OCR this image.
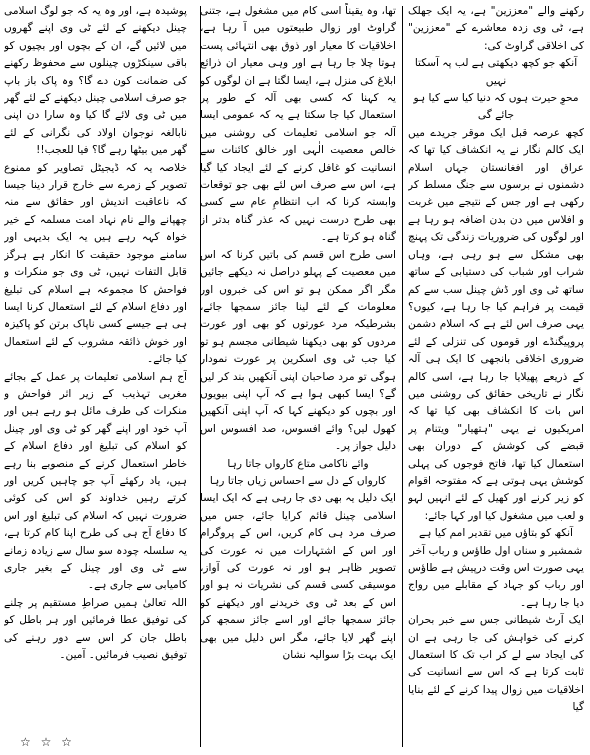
رکھنے والے "معززین" ہے، یہ ایک جھلک ہے، ٹی وی زدہ معاشرے کے "معززین" کی اخلاقی گراوٹ کی:

آنکھ جو کچھ دیکھتی ہے لب پہ آسکتا نہیں

محوِ حیرت ہوں کہ دنیا کیا سے کیا ہو جائے گی

کچھ عرصہ قبل ایک موقر جریدے میں ایک کالم نگار نے یہ انکشاف کیا تھا کہ عراق اور افغانستان جہاں اسلام دشمنوں نے برسوں سے جنگ مسلط کر رکھی ہے اور جس کے نتیجے میں غربت و افلاس میں دن بدن اضافہ ہو رہا ہے اور لوگوں کی ضروریات زندگی تک پہنچ بھی مشکل سے ہو رہی ہے، وہاں شراب اور شباب کی دستیابی کے ساتھ ساتھ ٹی وی اور ڈش چینل سب سے کم قیمت پر فراہم کیا جا رہا ہے، کیوں؟ یہی صرف اس لئے ہے کہ اسلام دشمن پروپیگنڈے اور قوموں کی تنزلی کے لئے ضروری اخلاقی بانجھی کا ایک ہی آلہ کے ذریعے پھیلایا جا رہا ہے، اسی کالم نگار نے تاریخی حقائق کی روشنی میں اس بات کا انکشاف بھی کیا تھا کہ امریکیوں نے یہی "ہتھیار" ویتنام پر قبضے کی کوشش کے دوران بھی استعمال کیا تھا، فاتح فوجوں کی پہلی کوشش یہی ہوتی ہے کہ مفتوحہ اقوام کو زیر کرنے اور کھیل کے لئے انہیں لہو و لعب میں مشغول کیا اور کہا جائے:

آنکھ کو بتاؤں میں تقدیر امم کیا ہے

شمشیر و سناں اول طاؤس و رباب آخر

یہی صورت اس وقت درپیش ہے طاؤس اور رباب کو جہاد کے مقابلے میں رواج دیا جا رہا ہے۔

ایک آرٹ شیطانی جس سے خبر بحران کرنے کی خواہش کی جا رہی ہے ان کی ایجاد سے لے کر اب تک کا استعمال ثابت کرتا ہے کہ اس سے انسانیت کی اخلاقیات میں زوال پیدا کرنے کے لئے بنایا گیا

تھا، وہ یقیناً اسی کام میں مشغول ہے، جتنی گراوٹ اور زوال طبیعتوں میں آ رہا ہے، اخلاقیات کا معیار اور ذوق بھی انتہائی پست ہوتا چلا جا رہا ہے اور وہی معیار ان ذرائع ابلاغ کی منزل ہے، ایسا لگتا ہے ان لوگوں کو یہ کہنا کہ کسی بھی آلہ کے طور پر استعمال کیا جا سکتا ہے یہ کہ عمومی ایسا آلہ جو اسلامی تعلیمات کی روشنی میں خالص معصیت الٰہی اور خالق کائنات سے انسانیت کو غافل کرنے کے لئے ایجاد کیا گیا ہے، اس سے صرف اس لئے بھی جو توقعات وابستہ کرنا کہ اب انتظامِ عام سے کسی بھی طرح درست نہیں کہ عذر گناہ بدتر از گناہ ہو کرتا ہے۔

اسی طرح اس قسم کی باتیں کرنا کہ اس میں معصیت کے پہلو دراصل نہ دیکھے جائیں مگر اگر ممکن ہو تو اس کی خبروں اور معلومات کے لئے لینا جائز سمجھا جائے، بشرطیکہ مرد عورتوں کو بھی اور عورت مردوں کو بھی دیکھنا شیطانی مجسم ہو تو کیا جب ٹی وی اسکرین پر عورت نمودار ہوگی تو مرد صاحبان اپنی آنکھیں بند کر لیں گے؟ ایسا کبھی ہوا ہے کہ آپ اپنی بیویوں اور بچوں کو دیکھنے کہا کہ آپ اپنی آنکھیں کھول لیں؟ وائے افسوس، صد افسوس اس دلیل جواز پر۔

وائے ناکامی متاع کارواں جاتا رہا

کارواں کے دل سے احساس زیاں جاتا رہا

ایک دلیل یہ بھی دی جا رہی ہے کہ ایک ایسا اسلامی چینل قائم کرایا جائے، جس میں صرف مرد ہی کام کریں، اس کے پروگرام اور اس کے اشتہارات میں نہ عورت کی تصویر ظاہر ہو اور نہ عورت کی آواز، موسیقی کسی قسم کی نشریات نہ ہو اور اس کے بعد ٹی وی خریدنے اور دیکھنے کو جائز سمجھا جائے اور اسے جائز سمجھ کر اپنے گھر لایا جائے، مگر اس دلیل میں بھی ایک بہت بڑا سوالیہ نشان

پوشیدہ ہے، اور وہ یہ کہ جو لوگ اسلامی چینل دیکھنے کے لئے ٹی وی اپنے گھروں میں لائیں گے، ان کے بچوں اور بچیوں کو باقی سینکڑوں چینلوں سے محفوظ رکھنے کی ضمانت کون دے گا؟ وہ پاک باز باپ جو صرف اسلامی چینل دیکھنے کے لئے گھر میں ٹی وی لائے گا کیا وہ سارا دن اپنی نابالغہ نوجوان اولاد کی نگرانی کے لئے گھر میں بیٹھا رہے گا؟ فیا للعجب!!

خلاصہ یہ کہ ڈیجیٹل تصاویر کو ممنوع تصویر کے زمرے سے خارج قرار دینا جیسا کہ ناعاقبت اندیش اور حقائق سے منہ چھپانے والے نام نہاد امت مسلمہ کے خیر خواہ کہہ رہے ہیں یہ ایک بدیہی اور سامنے موجود حقیقت کا انکار ہے ہرگز قابل التفات نہیں، ٹی وی جو منکرات و فواحش کا مجموعہ ہے اسلام کی تبلیغ اور دفاع اسلام کے لئے استعمال کرنا ایسا ہی ہے جیسے کسی ناپاک برتن کو پاکیزہ اور خوش ذائقہ مشروب کے لئے استعمال کیا جائے۔

آج ہم اسلامی تعلیمات پر عمل کے بجائے مغربی تہذیب کے زیر اثر فواحش و منکرات کی طرف مائل ہو رہے ہیں اور آپ خود اور اپنے گھر کو ٹی وی اور چینل کو اسلام کی تبلیغ اور دفاع اسلام کے خاطر استعمال کرنے کے منصوبے بنا رہے ہیں، یاد رکھئے آپ جو چاہیں کریں اور کرتے رہیں خداوند کو اس کی کوئی ضرورت نہیں کہ اسلام کی تبلیغ اور اس کا دفاع آج ہی کی طرح اپنا کام کرتا ہے، یہ سلسلہ چودہ سو سال سے زیادہ زمانے سے ٹی وی اور چینل کے بغیر جاری کامیابی سے جاری ہے۔

اللہ تعالیٰ ہمیں صراطِ مستقیم پر چلنے کی توفیق عطا فرمائیں اور ہر باطل کو باطل جان کر اس سے دور رہنے کی توفیق نصیب فرمائیں۔ آمین۔

☆ ☆ ☆
